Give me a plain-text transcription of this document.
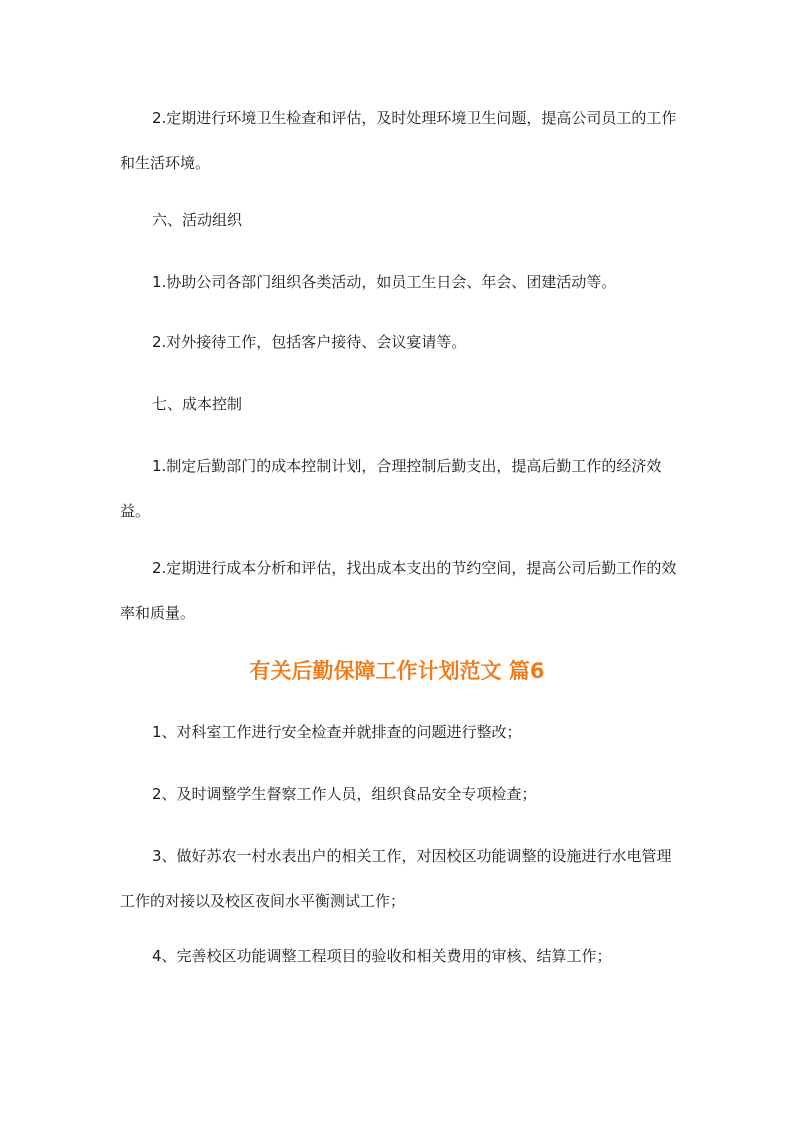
2.定期进行环境卫生检查和评估，及时处理环境卫生问题，提高公司员工的工作和生活环境。

六、活动组织

1.协助公司各部门组织各类活动，如员工生日会、年会、团建活动等。

2.对外接待工作，包括客户接待、会议宴请等。

七、成本控制

1.制定后勤部门的成本控制计划，合理控制后勤支出，提高后勤工作的经济效益。

2.定期进行成本分析和评估，找出成本支出的节约空间，提高公司后勤工作的效率和质量。

有关后勤保障工作计划范文 篇6

1、对科室工作进行安全检查并就排查的问题进行整改；

2、及时调整学生督察工作人员，组织食品安全专项检查；

3、做好苏农一村水表出户的相关工作，对因校区功能调整的设施进行水电管理工作的对接以及校区夜间水平衡测试工作；

4、完善校区功能调整工程项目的验收和相关费用的审核、结算工作；
